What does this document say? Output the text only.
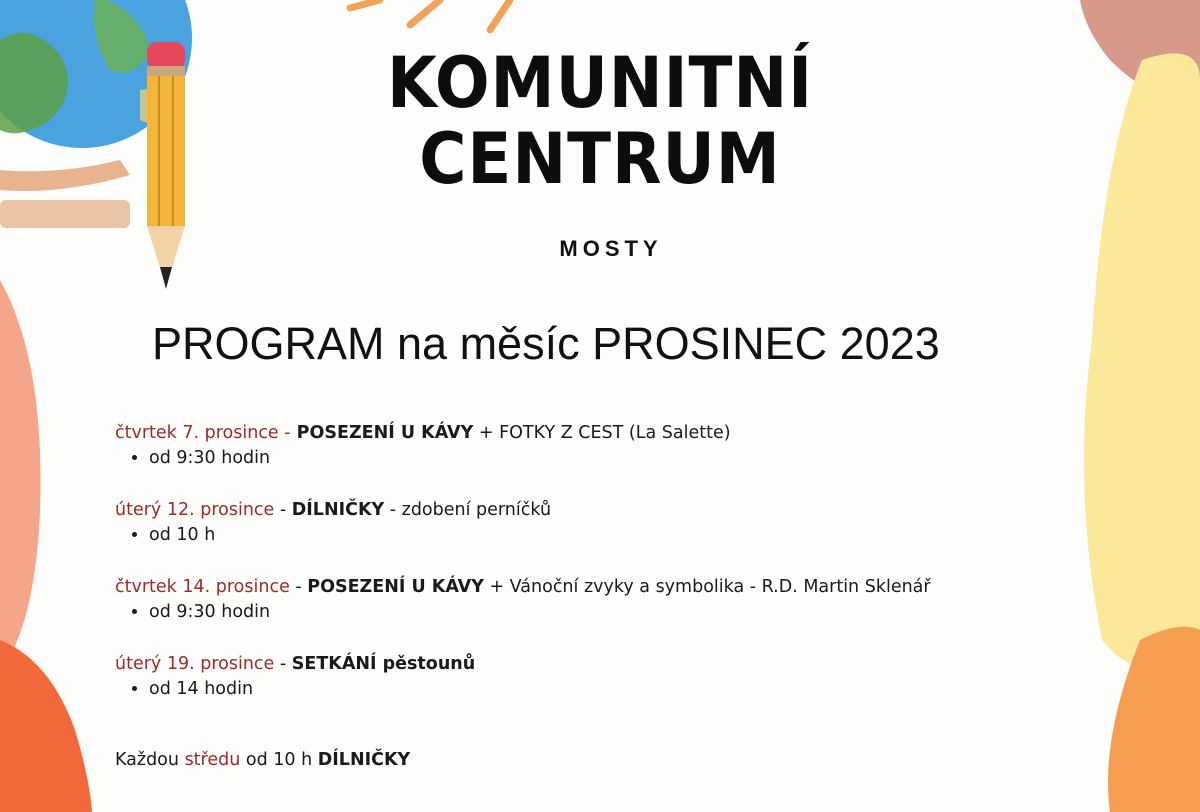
KOMUNITNÍ
CENTRUM
MOSTY
PROGRAM na měsíc PROSINEC 2023
čtvrtek 7. prosince - POSEZENÍ U KÁVY + FOTKY Z CEST (La Salette)
• od 9:30 hodin
úterý 12. prosince - DÍLNIČKY - zdobení perníčků
• od 10 h
čtvrtek 14. prosince - POSEZENÍ U KÁVY + Vánoční zvyky a symbolika - R.D. Martin Sklenář
• od 9:30 hodin
úterý 19. prosince - SETKÁNÍ pěstounů
• od 14 hodin
Každou středu od 10 h DÍLNIČKY
